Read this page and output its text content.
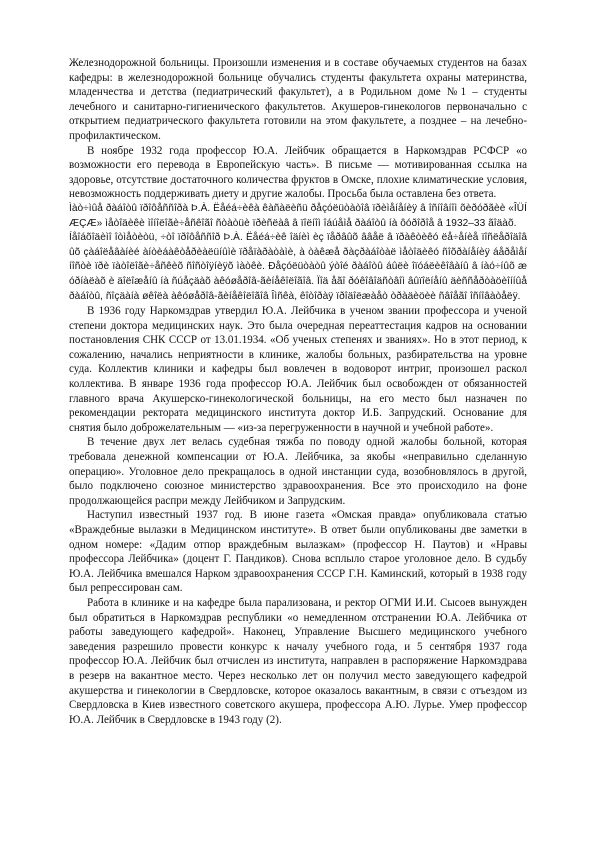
Железнодорожной больницы. Произошли изменения и в составе обучаемых студентов на базах кафедры: в железнодорожной больнице обучались студенты факультета охраны материнства, младенчества и детства (педиатрический факультет), а в Родильном доме №1 – студенты лечебного и санитарно-гигиенического факультетов. Акушеров-гинекологов первоначально с открытием педиатрического факультета готовили на этом факультете, а позднее – на лечебно-профилактическом.

В ноябре 1932 года профессор Ю.А. Лейбчик обращается в Наркомздрав РСФСР «о возможности его перевода в Европейскую часть». В письме — мотивированная ссылка на здоровье, отсутствие достаточного количества фруктов в Омске, плохие климатические условия, невозможность поддерживать диету и другие жалобы. Просьба была оставлена без ответа.

Ìàò÷ìûå ðàáîòû ïðîôåññîðà Þ.À. Ëåéá÷èêà êàñàëèñü ðåçóëüòàòîâ ïðèìåíåíèÿ â îñíîâíîì õèðóðãèè «ÎÜÍÆÇÆ» ìåòîäèêè ìîíîëîãè÷åñêîãî ñòàòüè ïðèñëàâ â ïîëíîì îáúåìå ðàáîòû íà ôóðîðîå â 1932–33 ãîäàõ.

Íåîáõîäèìî îòìåòèòü, ÷òî ïðîôåññîð Þ.À. Ëåéá÷èê îäíèì èç ïåðâûõ ââåë â ïðàêòèêó ëå÷åíèå ïîñëåðîäîâûõ çàáîëåâàíèé àíòèáàêòåðèàëüíûìè ïðåïàðàòàìè, à òàêæå ðàçðàáîòàë ìåòîäèêó ñîõðàíåíèÿ áåðåìåííîñòè ïðè ïàòîëîãè÷åñêèõ ñîñòîÿíèÿõ ìàòêè. Ðåçóëüòàòû ýòîé ðàáîòû áûëè îïóáëèêîâàíû â íàó÷íûõ æóðíàëàõ è äîëîæåíû íà ñúåçäàõ àêóøåðîâ-ãèíåêîëîãîâ. Ïîä åãî ðóêîâîäñòâîì âûïîëíåíû äèññåðòàöèîííûå ðàáîòû, ñîçäàíà øêîëà àêóøåðîâ-ãèíåêîëîãîâ Îìñêà, êîòîðàÿ ïðîäîëæàåò òðàäèöèè ñâîåãî îñíîâàòåëÿ.

В 1936 году Наркомздрав утвердил Ю.А. Лейбчика в ученом звании профессора и ученой степени доктора медицинских наук. Это была очередная переаттестация кадров на основании постановления СНК СССР от 13.01.1934. «Об ученых степенях и званиях». Но в этот период, к сожалению, начались неприятности в клинике, жалобы больных, разбирательства на уровне суда. Коллектив клиники и кафедры был вовлечен в водоворот интриг, произошел раскол коллектива. В январе 1936 года профессор Ю.А. Лейбчик был освобожден от обязанностей главного врача Акушерско-гинекологической больницы, на его место был назначен по рекомендации ректората медицинского института доктор И.Б. Запрудский. Основание для снятия было доброжелательным — «из-за перегруженности в научной и учебной работе».

В течение двух лет велась судебная тяжба по поводу одной жалобы больной, которая требовала денежной компенсации от Ю.А. Лейбчика, за якобы «неправильно сделанную операцию». Уголовное дело прекращалось в одной инстанции суда, возобновлялось в другой, было подключено союзное министерство здравоохранения. Все это происходило на фоне продолжающейся распри между Лейбчиком и Запрудским.

Наступил известный 1937 год. В июне газета «Омская правда» опубликовала статью «Враждебные вылазки в Медицинском институте». В ответ были опубликованы две заметки в одном номере: «Дадим отпор враждебным вылазкам» (профессор Н. Паутов) и «Нравы профессора Лейбчика» (доцент Г. Пандиков). Снова всплыло старое уголовное дело. В судьбу Ю.А. Лейбчика вмешался Нарком здравоохранения СССР Г.Н. Каминский, который в 1938 году был репрессирован сам.

Работа в клинике и на кафедре была парализована, и ректор ОГМИ И.И. Сысоев вынужден был обратиться в Наркомздрав республики «о немедленном отстранении Ю.А. Лейбчика от работы заведующего кафедрой». Наконец, Управление Высшего медицинского учебного заведения разрешило провести конкурс к началу учебного года, и 5 сентября 1937 года профессор Ю.А. Лейбчик был отчислен из института, направлен в распоряжение Наркомздрава в резерв на вакантное место. Через несколько лет он получил место заведующего кафедрой акушерства и гинекологии в Свердловске, которое оказалось вакантным, в связи с отъездом из Свердловска в Киев известного советского акушера, профессора А.Ю. Лурье. Умер профессор Ю.А. Лейбчик в Свердловске в 1943 году (2).
